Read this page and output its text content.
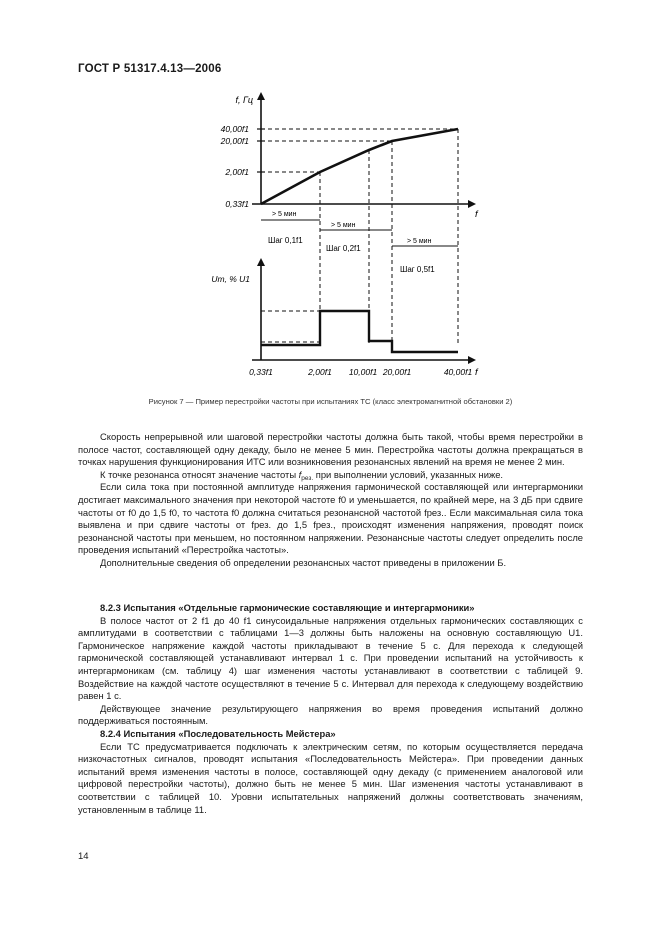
ГОСТ Р 51317.4.13—2006
40,00f1
20,00f1
2,00f1
0,33f1
f, Гц
f
> 5 мин
> 5 мин
> 5 мин
Шаг 0,1f1
Шаг 0,2f1
Шаг 0,5f1
Uт, % U1
0,33f1	2,00f1 10,00f1 20,00f1	40,00f1 f
Рисунок 7 — Пример перестройки частоты при испытаниях ТС (класс электромагнитной обстановки 2)

Скорость непрерывной или шаговой перестройки частоты должна быть такой, чтобы время перестройки в полосе частот, составляющей одну декаду, было не менее 5 мин. Перестройка частоты должна прекращаться в точках нарушения функционирования ИТС или возникновения резонансных явлений на время не менее 2 мин.

К точке резонанса относят значение частоты $f_{рез.}$ при выполнении условий, указанных ниже.

Если сила тока при постоянной амплитуде напряжения гармонической составляющей или интергармоники достигает максимального значения при некоторой частоте f0 и уменьшается, по крайней мере, на 3 дБ при сдвиге частоты от f0 до 1,5 f0, то частота f0 должна считаться резонансной частотой fрез.. Если максимальная сила тока выявлена и при сдвиге частоты от fрез. до 1,5 fрез., происходят изменения напряжения, проводят поиск резонансной частоты при меньшем, но постоянном напряжении. Резонансные частоты следует определить после проведения испытаний «Перестройка частоты».

Дополнительные сведения об определении резонансных частот приведены в приложении Б.

8.2.3 Испытания «Отдельные гармонические составляющие и интергармоники»

В полосе частот от 2 f1 до 40 f1 синусоидальные напряжения отдельных гармонических составляющих с амплитудами в соответствии с таблицами 1—3 должны быть наложены на основную составляющую U1. Гармоническое напряжение каждой частоты прикладывают в течение 5 с. Для перехода к следующей гармонической составляющей устанавливают интервал 1 с. При проведении испытаний на устойчивость к интергармоникам (см. таблицу 4) шаг изменения частоты устанавливают в соответствии с таблицей 9. Воздействие на каждой частоте осуществляют в течение 5 с. Интервал для перехода к следующему воздействию равен 1 с.

Действующее значение результирующего напряжения во время проведения испытаний должно поддерживаться постоянным.

8.2.4 Испытания «Последовательность Мейстера»

Если ТС предусматривается подключать к электрическим сетям, по которым осуществляется передача низкочастотных сигналов, проводят испытания «Последовательность Мейстера». При проведении данных испытаний время изменения частоты в полосе, составляющей одну декаду (с применением аналоговой или цифровой перестройки частоты), должно быть не менее 5 мин. Шаг изменения частоты устанавливают в соответствии с таблицей 10. Уровни испытательных напряжений должны соответствовать значениям, установленным в таблице 11.

14
